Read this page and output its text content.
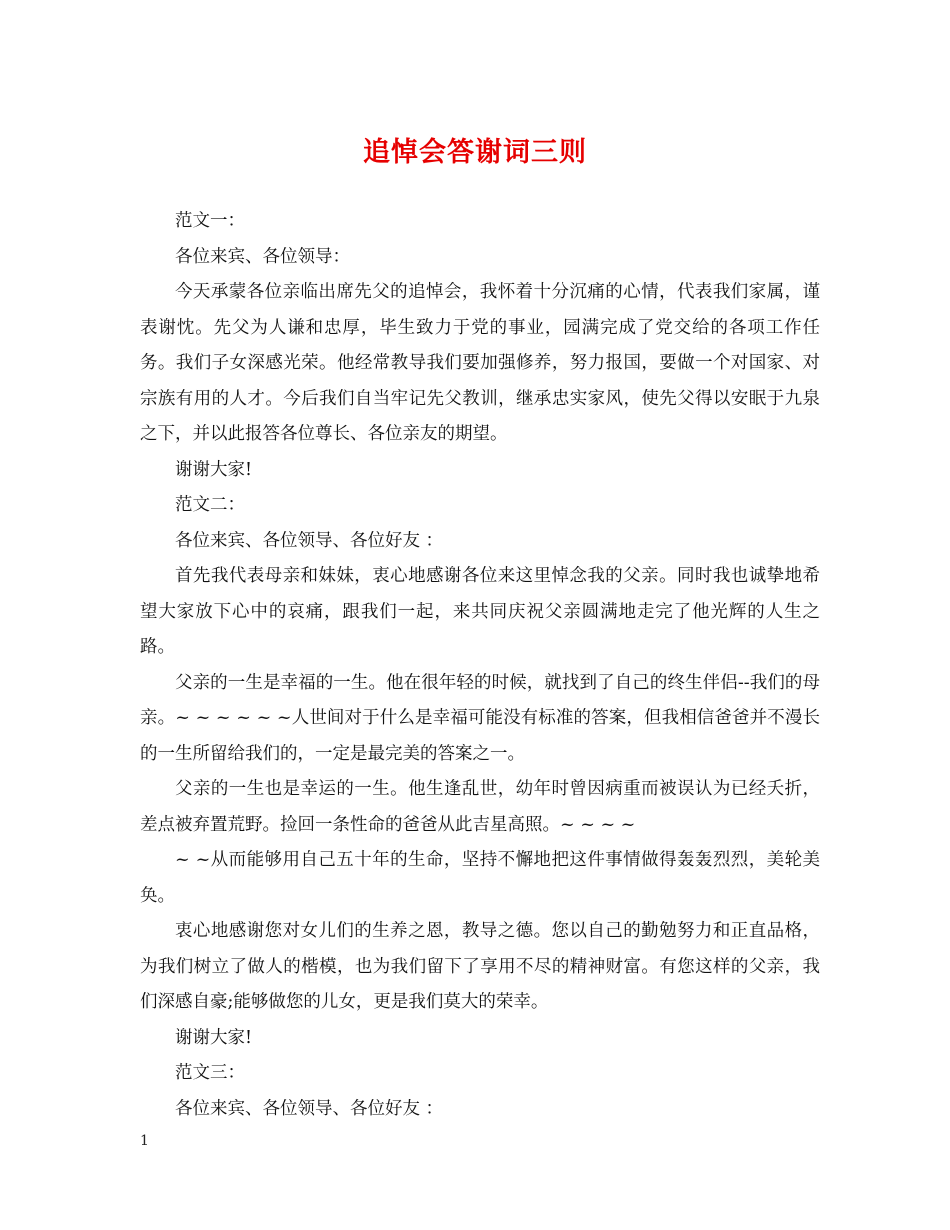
追悼会答谢词三则

范文一：

各位来宾、各位领导：

今天承蒙各位亲临出席先父的追悼会，我怀着十分沉痛的心情，代表我们家属，谨表谢忱。先父为人谦和忠厚，毕生致力于党的事业，园满完成了党交给的各项工作任务。我们子女深感光荣。他经常教导我们要加强修养，努力报国，要做一个对国家、对宗族有用的人才。今后我们自当牢记先父教训，继承忠实家风，使先父得以安眠于九泉之下，并以此报答各位尊长、各位亲友的期望。

谢谢大家!

范文二：

各位来宾、各位领导、各位好友 ：

首先我代表母亲和妹妹，衷心地感谢各位来这里悼念我的父亲。同时我也诚挚地希望大家放下心中的哀痛，跟我们一起，来共同庆祝父亲圆满地走完了他光辉的人生之路。

父亲的一生是幸福的一生。他在很年轻的时候，就找到了自己的终生伴侣--我们的母亲。~ ~ ~ ~ ~ ~人世间对于什么是幸福可能没有标准的答案，但我相信爸爸并不漫长的一生所留给我们的，一定是最完美的答案之一。

父亲的一生也是幸运的一生。他生逢乱世，幼年时曾因病重而被误认为已经夭折，差点被弃置荒野。捡回一条性命的爸爸从此吉星高照。~ ~ ~ ~

~ ~从而能够用自己五十年的生命，坚持不懈地把这件事情做得轰轰烈烈，美轮美奂。

衷心地感谢您对女儿们的生养之恩，教导之德。您以自己的勤勉努力和正直品格，为我们树立了做人的楷模，也为我们留下了享用不尽的精神财富。有您这样的父亲，我们深感自豪;能够做您的儿女，更是我们莫大的荣幸。

谢谢大家!

范文三：

各位来宾、各位领导、各位好友 ：

1
